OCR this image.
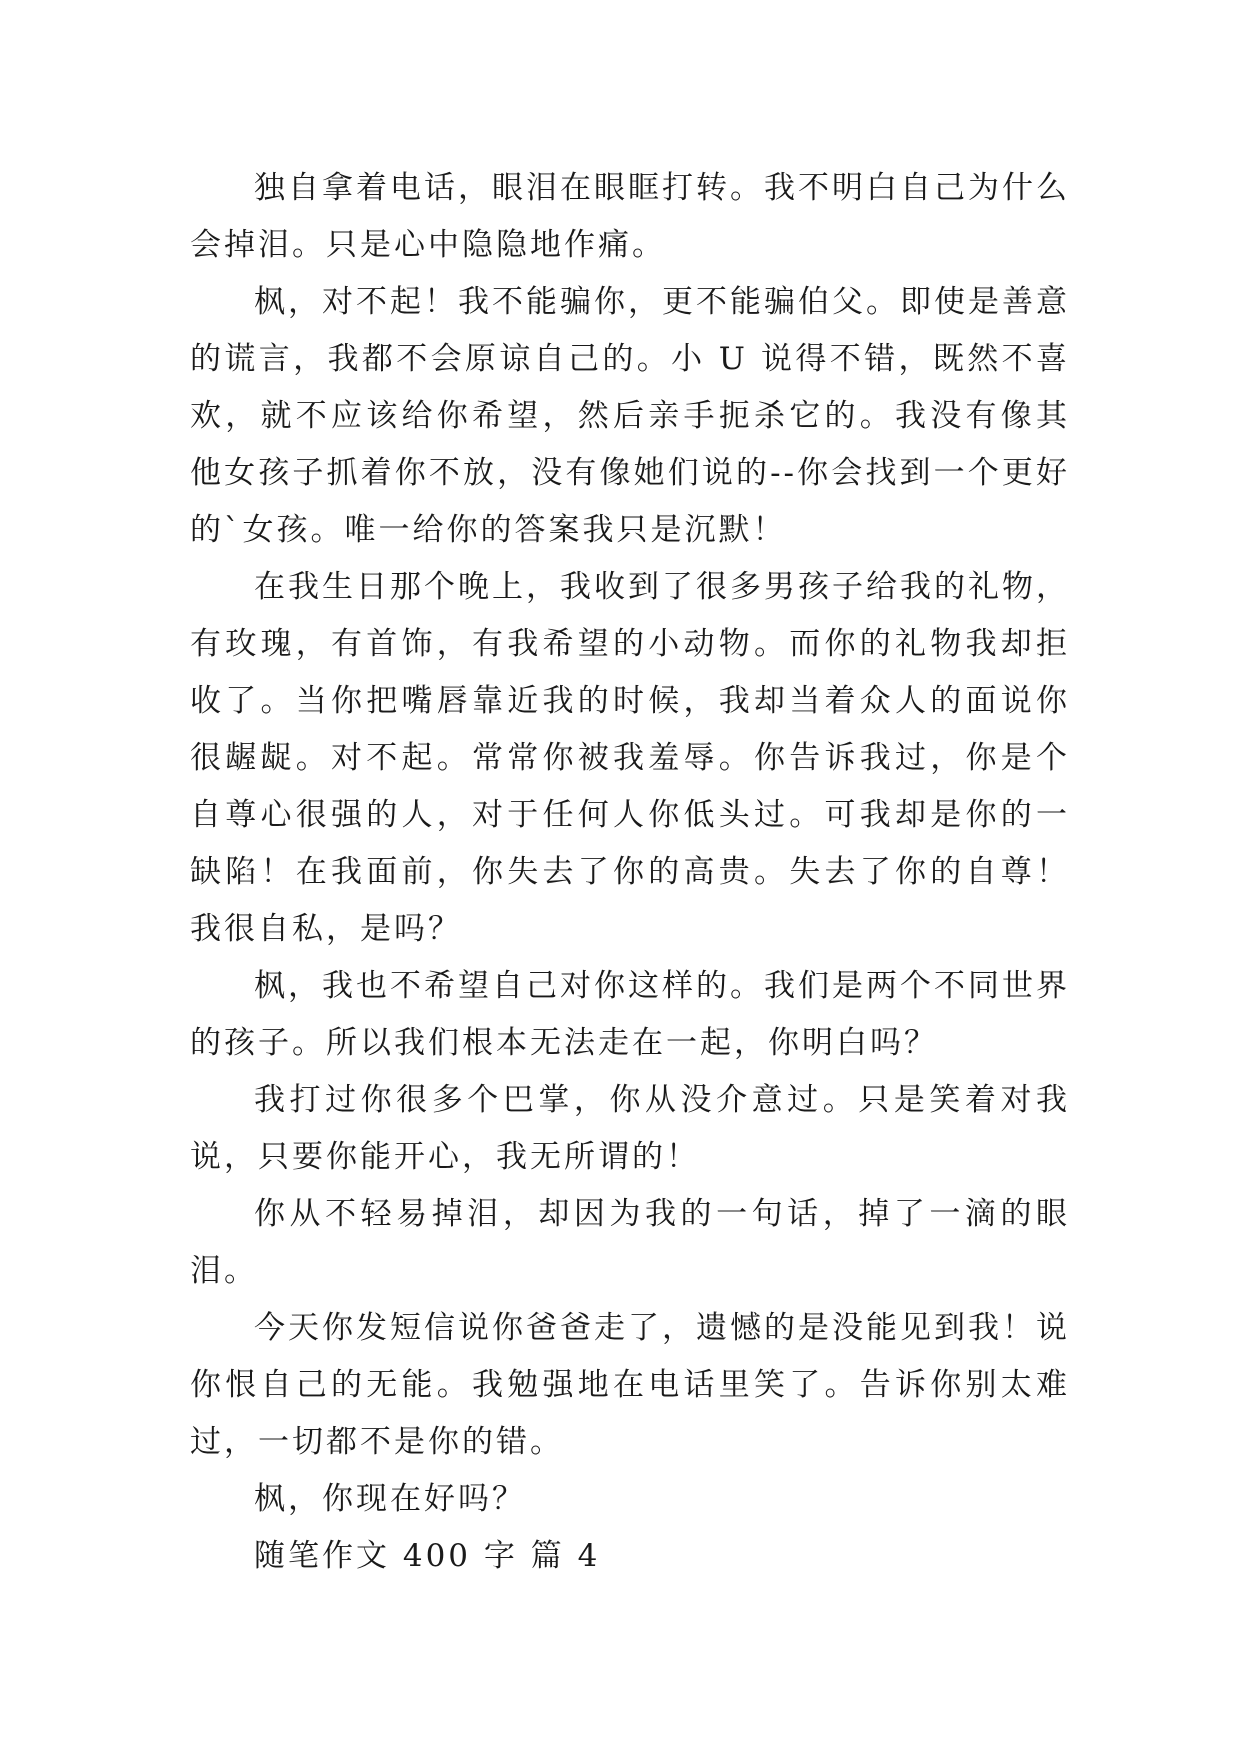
独自拿着电话，眼泪在眼眶打转。我不明白自己为什么会掉泪。只是心中隐隐地作痛。

枫，对不起！我不能骗你，更不能骗伯父。即使是善意的谎言，我都不会原谅自己的。小 U 说得不错，既然不喜欢，就不应该给你希望，然后亲手扼杀它的。我没有像其他女孩子抓着你不放，没有像她们说的--你会找到一个更好的`女孩。唯一给你的答案我只是沉默！

在我生日那个晚上，我收到了很多男孩子给我的礼物，有玫瑰，有首饰，有我希望的小动物。而你的礼物我却拒收了。当你把嘴唇靠近我的时候，我却当着众人的面说你很龌龊。对不起。常常你被我羞辱。你告诉我过，你是个自尊心很强的人，对于任何人你低头过。可我却是你的一缺陷！在我面前，你失去了你的高贵。失去了你的自尊！我很自私，是吗？

枫，我也不希望自己对你这样的。我们是两个不同世界的孩子。所以我们根本无法走在一起，你明白吗？

我打过你很多个巴掌，你从没介意过。只是笑着对我说，只要你能开心，我无所谓的！

你从不轻易掉泪，却因为我的一句话，掉了一滴的眼泪。

今天你发短信说你爸爸走了，遗憾的是没能见到我！说你恨自己的无能。我勉强地在电话里笑了。告诉你别太难过，一切都不是你的错。

枫，你现在好吗？

随笔作文 400 字 篇 4
